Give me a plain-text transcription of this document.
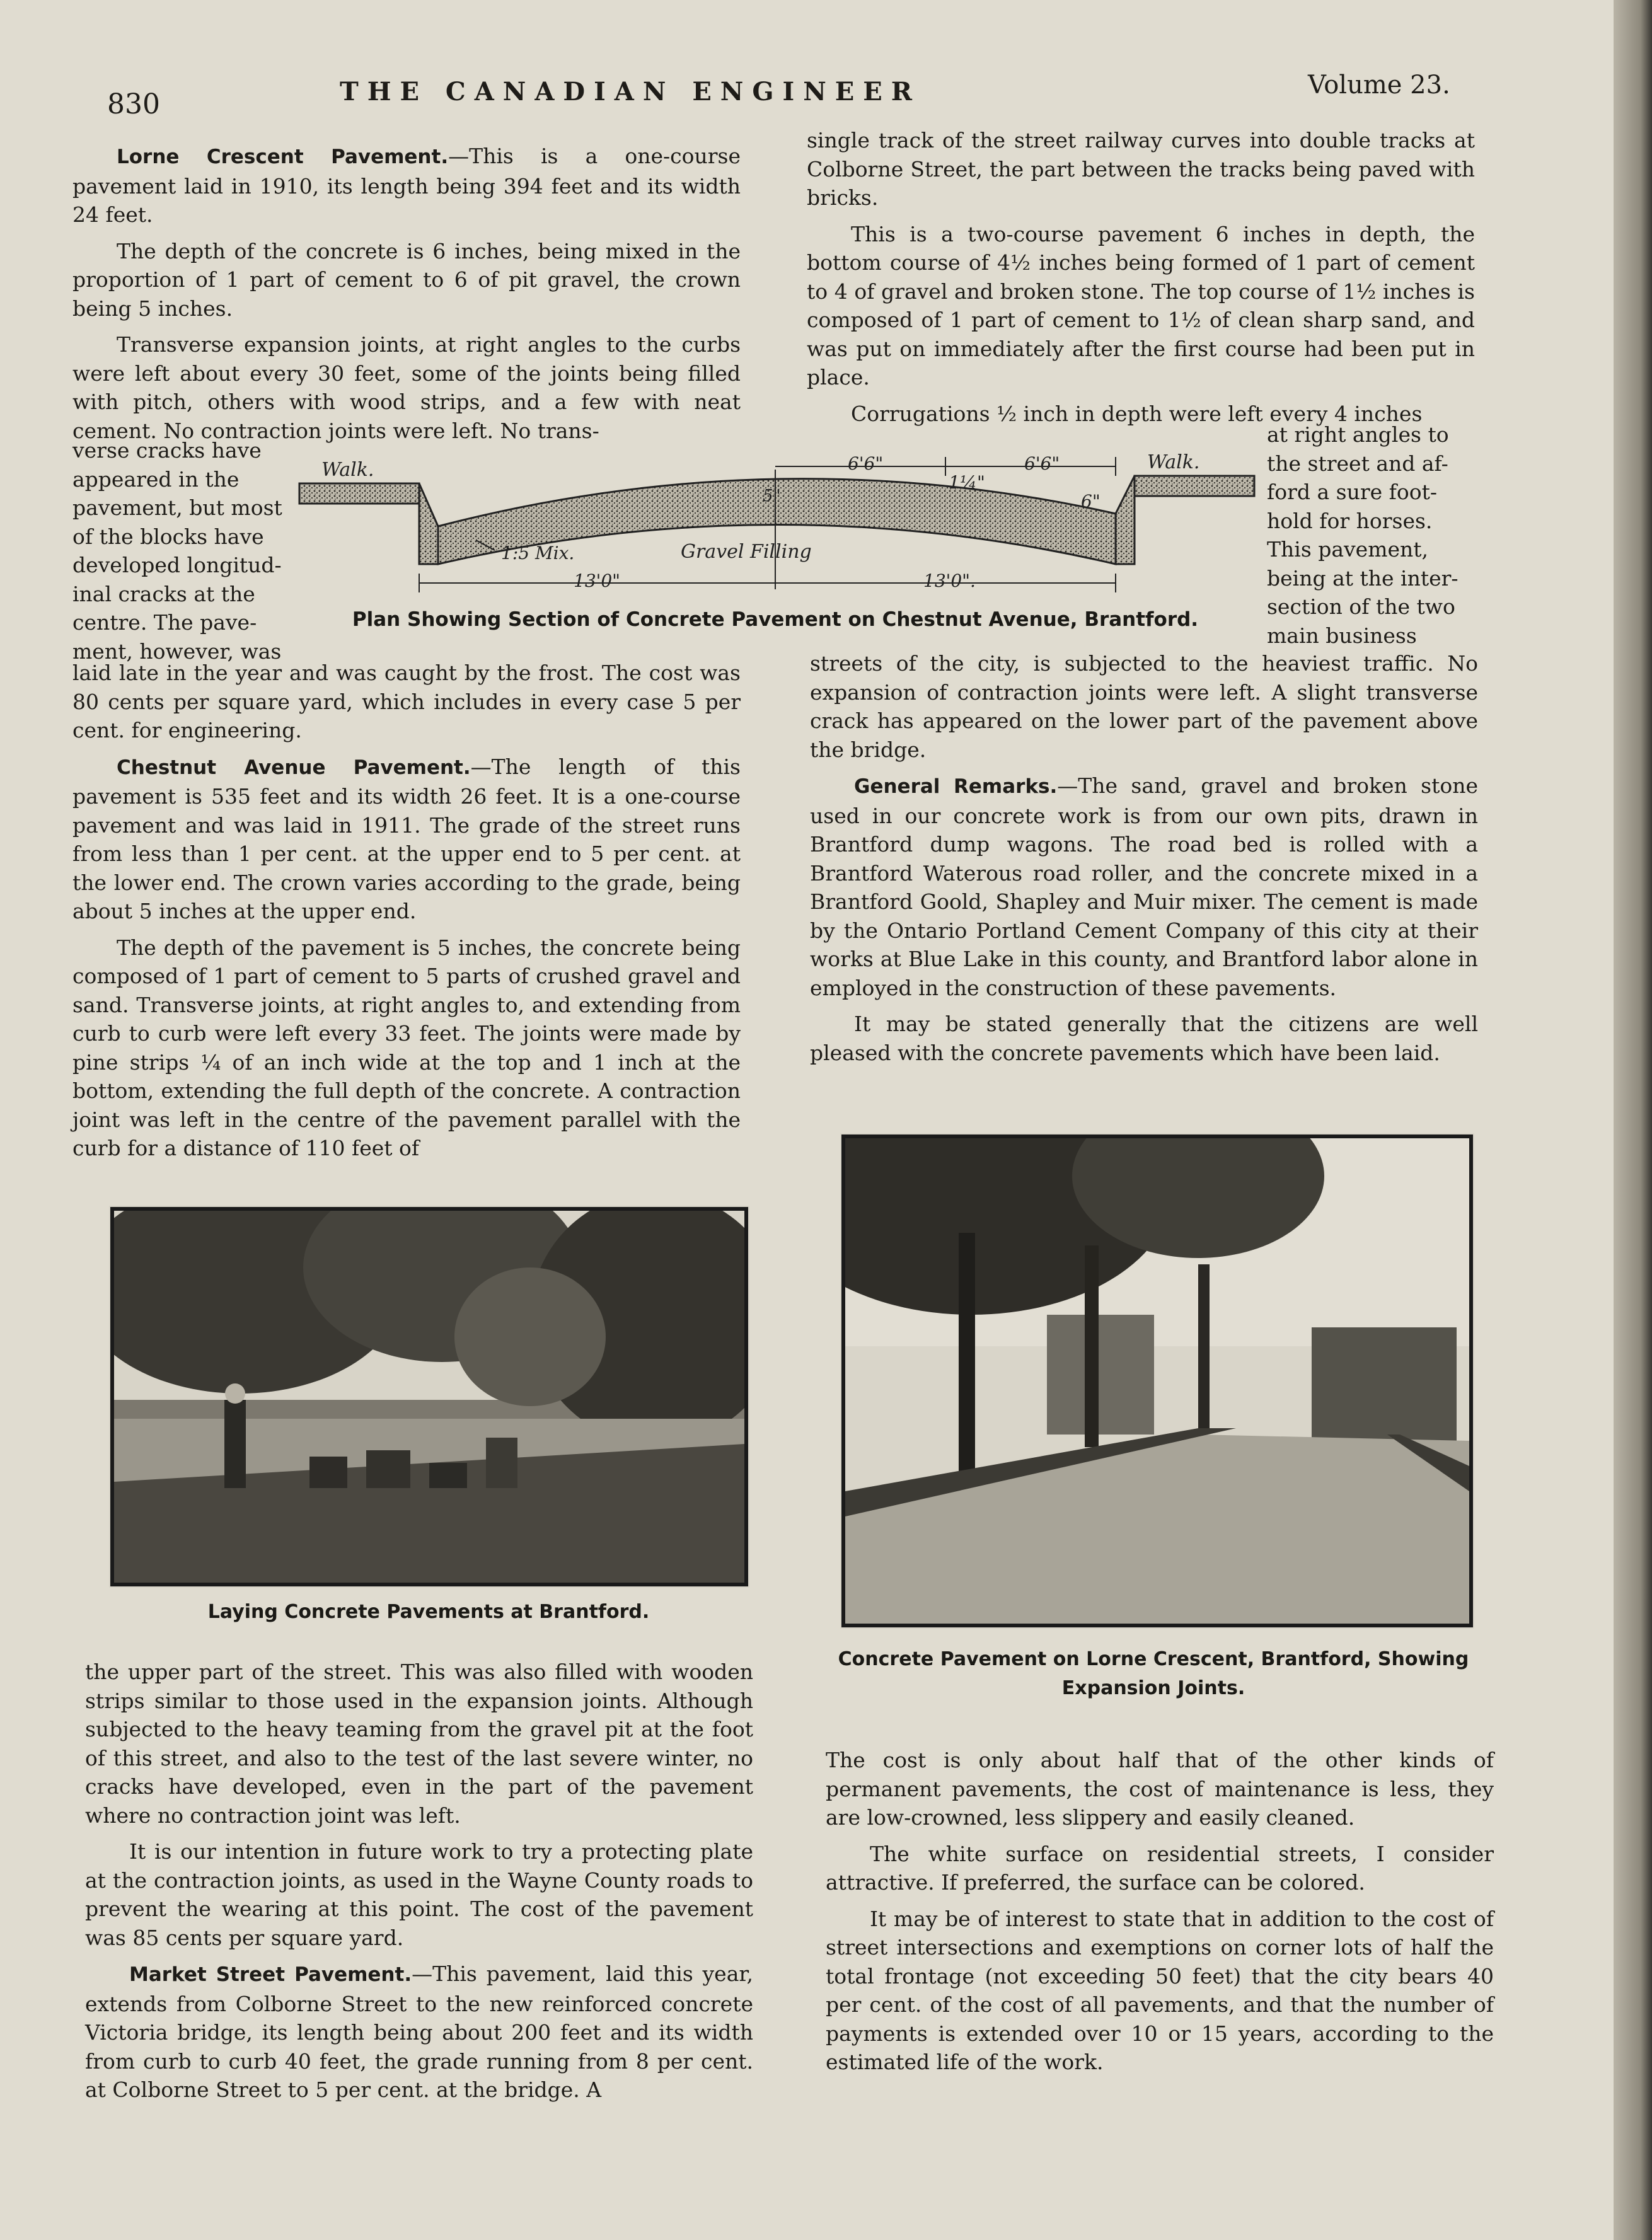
830	THE CANADIAN ENGINEER	Volume 23.

Lorne Crescent Pavement.—This is a one-course pavement laid in 1910, its length being 394 feet and its width 24 feet.

The depth of the concrete is 6 inches, being mixed in the proportion of 1 part of cement to 6 of pit gravel, the crown being 5 inches.

Transverse expansion joints, at right angles to the curbs were left about every 30 feet, some of the joints being filled with pitch, others with wood strips, and a few with neat cement. No contraction joints were left. No trans-

verse cracks have
appeared in the
pavement, but most
of the blocks have
developed longitud-
inal cracks at the
centre. The pave-
ment, however, was

single track of the street railway curves into double tracks at Colborne Street, the part between the tracks being paved with bricks.

This is a two-course pavement 6 inches in depth, the bottom course of 4½ inches being formed of 1 part of cement to 4 of gravel and broken stone. The top course of 1½ inches is composed of 1 part of cement to 1½ of clean sharp sand, and was put on immediately after the first course had been put in place.

Corrugations ½ inch in depth were left every 4 inches

at right angles to
the street and af-
ford a sure foot-
hold for horses.
This pavement,
being at the inter-
section of the two
main business
Walk.	Walk.
6'6"	6'6"
1¼"
5"	6"
1:5 Mix.	Gravel Filling
13'0"	13'0".
Plan Showing Section of Concrete Pavement on Chestnut Avenue, Brantford.

laid late in the year and was caught by the frost. The cost was 80 cents per square yard, which includes in every case 5 per cent. for engineering.

Chestnut Avenue Pavement.—The length of this pavement is 535 feet and its width 26 feet. It is a one-course pavement and was laid in 1911. The grade of the street runs from less than 1 per cent. at the upper end to 5 per cent. at the lower end. The crown varies according to the grade, being about 5 inches at the upper end.

The depth of the pavement is 5 inches, the concrete being composed of 1 part of cement to 5 parts of crushed gravel and sand. Transverse joints, at right angles to, and extending from curb to curb were left every 33 feet. The joints were made by pine strips ¼ of an inch wide at the top and 1 inch at the bottom, extending the full depth of the concrete. A contraction joint was left in the centre of the pavement parallel with the curb for a distance of 110 feet of

streets of the city, is subjected to the heaviest traffic. No expansion of contraction joints were left. A slight transverse crack has appeared on the lower part of the pavement above the bridge.

General Remarks.—The sand, gravel and broken stone used in our concrete work is from our own pits, drawn in Brantford dump wagons. The road bed is rolled with a Brantford Waterous road roller, and the concrete mixed in a Brantford Goold, Shapley and Muir mixer. The cement is made by the Ontario Portland Cement Company of this city at their works at Blue Lake in this county, and Brantford labor alone in employed in the construction of these pavements.

It may be stated generally that the citizens are well pleased with the concrete pavements which have been laid.

Laying Concrete Pavements at Brantford.
Concrete Pavement on Lorne Crescent, Brantford, Showing
Expansion Joints.

the upper part of the street. This was also filled with wooden strips similar to those used in the expansion joints. Although subjected to the heavy teaming from the gravel pit at the foot of this street, and also to the test of the last severe winter, no cracks have developed, even in the part of the pavement where no contraction joint was left.

It is our intention in future work to try a protecting plate at the contraction joints, as used in the Wayne County roads to prevent the wearing at this point. The cost of the pavement was 85 cents per square yard.

Market Street Pavement.—This pavement, laid this year, extends from Colborne Street to the new reinforced concrete Victoria bridge, its length being about 200 feet and its width from curb to curb 40 feet, the grade running from 8 per cent. at Colborne Street to 5 per cent. at the bridge. A

The cost is only about half that of the other kinds of permanent pavements, the cost of maintenance is less, they are low-crowned, less slippery and easily cleaned.

The white surface on residential streets, I consider attractive. If preferred, the surface can be colored.

It may be of interest to state that in addition to the cost of street intersections and exemptions on corner lots of half the total frontage (not exceeding 50 feet) that the city bears 40 per cent. of the cost of all pavements, and that the number of payments is extended over 10 or 15 years, according to the estimated life of the work.
